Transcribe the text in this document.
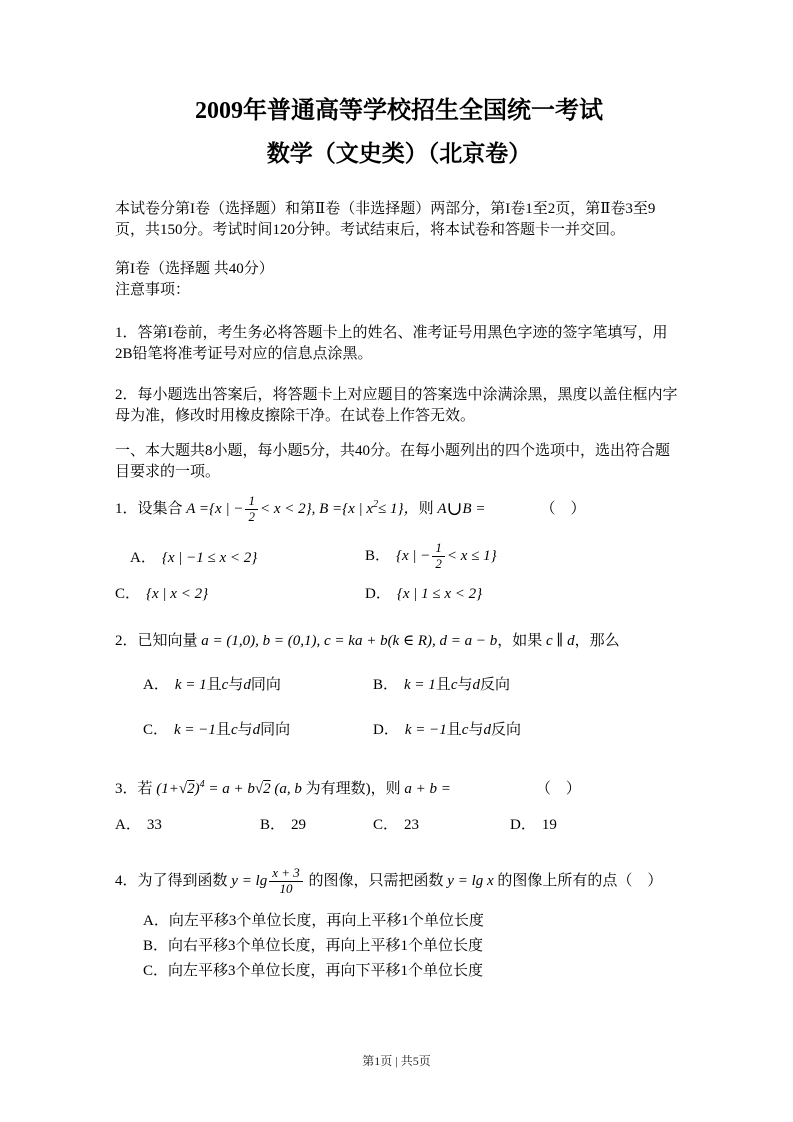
2009年普通高等学校招生全国统一考试
数学（文史类）（北京卷）

本试卷分第I卷（选择题）和第Ⅱ卷（非选择题）两部分，第I卷1至2页，第Ⅱ卷3至9页，共150分。考试时间120分钟。考试结束后，将本试卷和答题卡一并交回。

第I卷（选择题 共40分）

注意事项：

1．答第I卷前，考生务必将答题卡上的姓名、准考证号用黑色字迹的签字笔填写，用2B铅笔将准考证号对应的信息点涂黑。

2．每小题选出答案后，将答题卡上对应题目的答案选中涂满涂黑，黑度以盖住框内字母为准，修改时用橡皮擦除干净。在试卷上作答无效。

一、本大题共8小题，每小题5分，共40分。在每小题列出的四个选项中，选出符合题目要求的一项。

1．设集合 A ={x | − $\frac{1}{2} < x < 2$}, B ={x | $x^2\le 1$}，则 A∪B =	（　）
A． {x | −1 ≤ x < 2}	B． {x | − $\frac{1}{2} < x \le 1$}
C． {x | x < 2}	D． {x | 1 ≤ x < 2}
2．已知向量 a = (1,0), b = (0,1), c = ka + b(k ∈ R), d = a − b，如果 c ∥ d，那么
A． k = 1且c与d同向	B． k = 1且c与d反向
C． k = −1且c与d同向	D． k = −1且c与d反向
3．若 $(1+√2)^4 = a + b√2$ (a, b 为有理数)，则 a + b =	（　）
A． 33	B． 29	C． 23	D． 19
4．为了得到函数 $y = \lg \frac{x + 3}{10}$ 的图像，只需把函数 y = lg x 的图像上所有的点（　）
A．向左平移3个单位长度，再向上平移1个单位长度
B．向右平移3个单位长度，再向上平移1个单位长度
C．向左平移3个单位长度，再向下平移1个单位长度
第1页 | 共5页
